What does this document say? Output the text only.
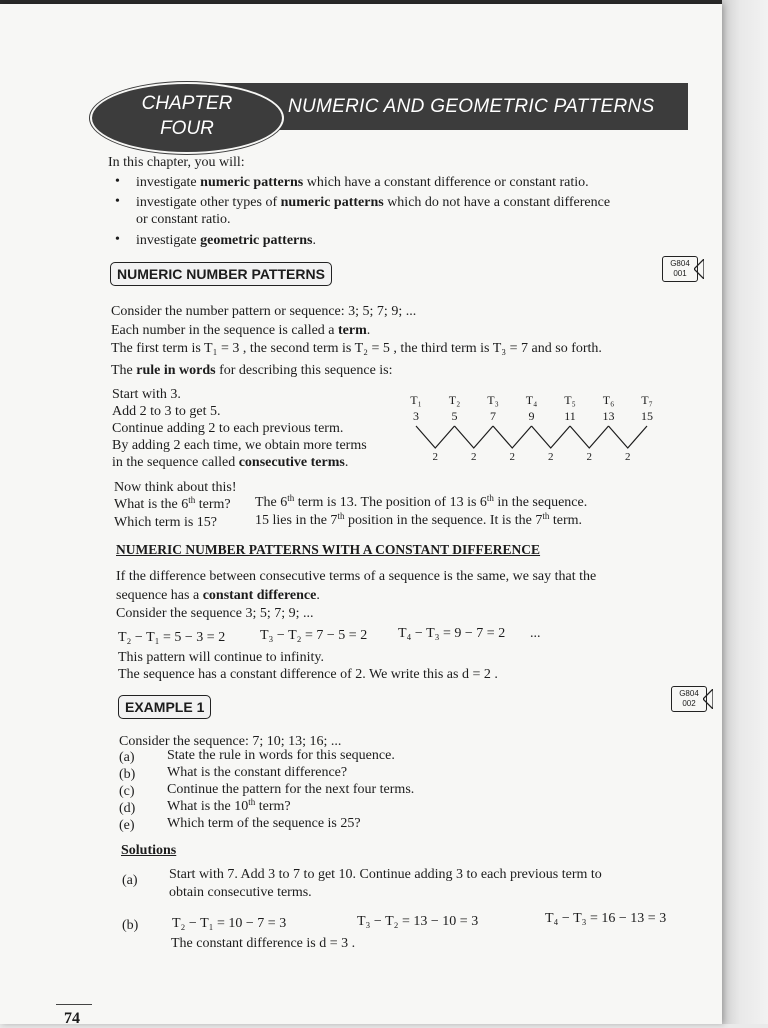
NUMERIC AND GEOMETRIC PATTERNS
CHAPTER
FOUR
In this chapter, you will:
• investigate numeric patterns which have a constant difference or constant ratio.
• investigate other types of numeric patterns which do not have a constant difference
or constant ratio.
• investigate geometric patterns.
NUMERIC NUMBER PATTERNS
G804
001
Consider the number pattern or sequence: 3; 5; 7; 9; ...
Each number in the sequence is called a term.
The first term is T₁ = 3 , the second term is T₂ = 5 , the third term is T₃ = 7 and so forth.
The rule in words for describing this sequence is:
Start with 3.
Add 2 to 3 to get 5.
Continue adding 2 to each previous term.
By adding 2 each time, we obtain more terms
in the sequence called consecutive terms.
T₁ T₂ T₃ T₄ T₅ T₆ T₇
3	5	7	9 11 13 15
2	2	2	2	2	2
Now think about this!
What is the 6th term? The 6th term is 13. The position of 13 is 6th in the sequence.
Which term is 15?	15 lies in the 7th position in the sequence. It is the 7th term.
NUMERIC NUMBER PATTERNS WITH A CONSTANT DIFFERENCE
If the difference between consecutive terms of a sequence is the same, we say that the
sequence has a constant difference.
Consider the sequence 3; 5; 7; 9; ...
T₂ − T₁ = 5 − 3 = 2 T₃ − T₂ = 7 − 5 = 2 T₄ − T₃ = 9 − 7 = 2 ...
This pattern will continue to infinity.
The sequence has a constant difference of 2. We write this as d = 2 .
EXAMPLE 1
G804
002
Consider the sequence: 7; 10; 13; 16; ...
(a) State the rule in words for this sequence.
(b) What is the constant difference?
(c) Continue the pattern for the next four terms.
(d) What is the 10th term?
(e) Which term of the sequence is 25?
Solutions
(a) Start with 7. Add 3 to 7 to get 10. Continue adding 3 to each previous term to
obtain consecutive terms.
(b) T₂ − T₁ = 10 − 7 = 3	T₃ − T₂ = 13 − 10 = 3	T₄ − T₃ = 16 − 13 = 3
The constant difference is d = 3 .
74
